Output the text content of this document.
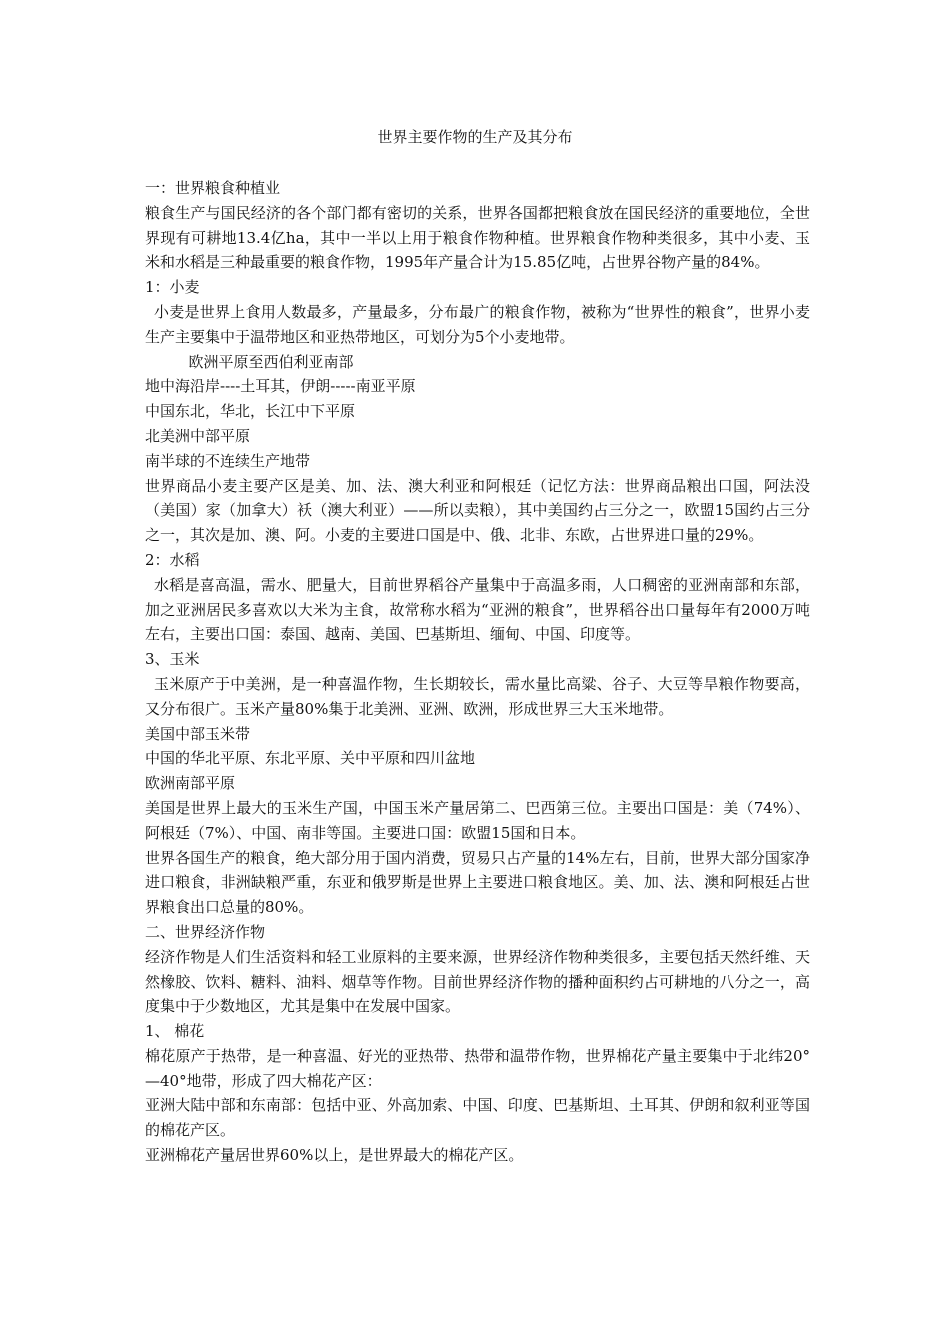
世界主要作物的生产及其分布

一：世界粮食种植业

粮食生产与国民经济的各个部门都有密切的关系，世界各国都把粮食放在国民经济的重要地位，全世界现有可耕地13.4亿ha，其中一半以上用于粮食作物种植。世界粮食作物种类很多，其中小麦、玉米和水稻是三种最重要的粮食作物，1995年产量合计为15.85亿吨，占世界谷物产量的84%。

1：小麦

小麦是世界上食用人数最多，产量最多，分布最广的粮食作物，被称为“世界性的粮食”，世界小麦生产主要集中于温带地区和亚热带地区，可划分为5个小麦地带。

欧洲平原至西伯利亚南部

地中海沿岸----土耳其，伊朗-----南亚平原

中国东北，华北，长江中下平原

北美洲中部平原

南半球的不连续生产地带

世界商品小麦主要产区是美、加、法、澳大利亚和阿根廷（记忆方法：世界商品粮出口国，阿法没（美国）家（加拿大）袄（澳大利亚）——所以卖粮），其中美国约占三分之一，欧盟15国约占三分之一，其次是加、澳、阿。小麦的主要进口国是中、俄、北非、东欧，占世界进口量的29%。

2：水稻

水稻是喜高温，需水、肥量大，目前世界稻谷产量集中于高温多雨，人口稠密的亚洲南部和东部，加之亚洲居民多喜欢以大米为主食，故常称水稻为“亚洲的粮食”，世界稻谷出口量每年有2000万吨左右，主要出口国：泰国、越南、美国、巴基斯坦、缅甸、中国、印度等。

3、玉米

玉米原产于中美洲，是一种喜温作物，生长期较长，需水量比高粱、谷子、大豆等旱粮作物要高，又分布很广。玉米产量80%集于北美洲、亚洲、欧洲，形成世界三大玉米地带。

美国中部玉米带

中国的华北平原、东北平原、关中平原和四川盆地

欧洲南部平原

美国是世界上最大的玉米生产国，中国玉米产量居第二、巴西第三位。主要出口国是：美（74%）、阿根廷（7%）、中国、南非等国。主要进口国：欧盟15国和日本。

世界各国生产的粮食，绝大部分用于国内消费，贸易只占产量的14%左右，目前，世界大部分国家净进口粮食，非洲缺粮严重，东亚和俄罗斯是世界上主要进口粮食地区。美、加、法、澳和阿根廷占世界粮食出口总量的80%。

二、世界经济作物

经济作物是人们生活资料和轻工业原料的主要来源，世界经济作物种类很多，主要包括天然纤维、天然橡胶、饮料、糖料、油料、烟草等作物。目前世界经济作物的播种面积约占可耕地的八分之一，高度集中于少数地区，尤其是集中在发展中国家。

1、 棉花

棉花原产于热带，是一种喜温、好光的亚热带、热带和温带作物，世界棉花产量主要集中于北纬20°—40°地带，形成了四大棉花产区：

亚洲大陆中部和东南部：包括中亚、外高加索、中国、印度、巴基斯坦、土耳其、伊朗和叙利亚等国的棉花产区。

亚洲棉花产量居世界60%以上，是世界最大的棉花产区。
